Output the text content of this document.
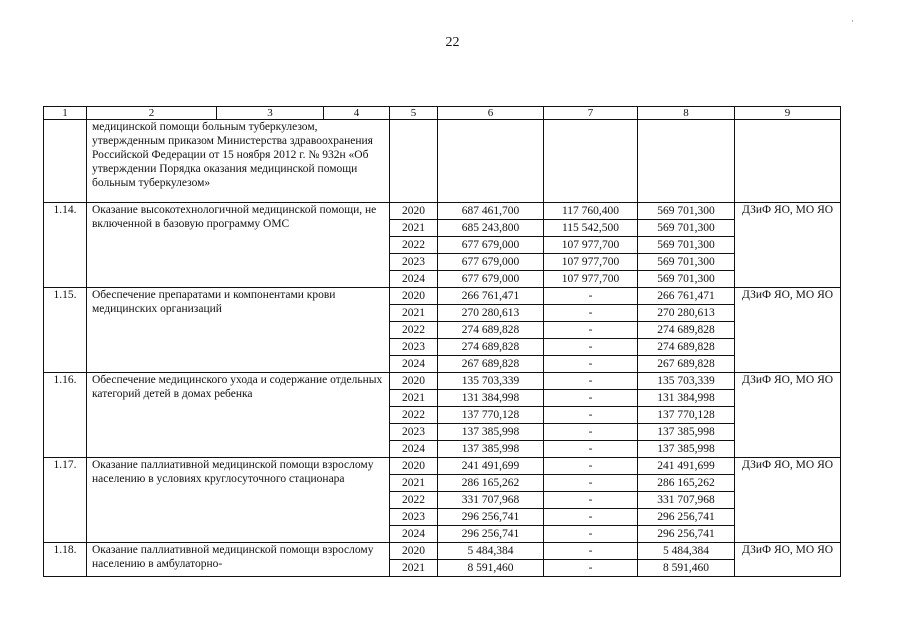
22
·
1	2	3	4	5	6	7	8	9
	медицинской помощи больным туберкулезом, утвержденным приказом Министерства здравоохранения Российской Федерации от 15 ноября 2012 г. № 932н «Об утверждении Порядка оказания медицинской помощи больным туберкулезом»							
1.14.	Оказание высокотехнологичной медицинской помощи, не включенной в базовую программу ОМС			2020	687 461,700	117 760,400	569 701,300	ДЗиФ ЯО, МО ЯО
				2021	685 243,800	115 542,500	569 701,300	
				2022	677 679,000	107 977,700	569 701,300	
				2023	677 679,000	107 977,700	569 701,300	
				2024	677 679,000	107 977,700	569 701,300	
1.15.	Обеспечение препаратами и компонентами крови медицинских организаций			2020	266 761,471	-	266 761,471	ДЗиФ ЯО, МО ЯО
				2021	270 280,613	-	270 280,613	
				2022	274 689,828	-	274 689,828	
				2023	274 689,828	-	274 689,828	
				2024	267 689,828	-	267 689,828	
1.16.	Обеспечение медицинского ухода и содержание отдельных категорий детей в домах ребенка			2020	135 703,339	-	135 703,339	ДЗиФ ЯО, МО ЯО
				2021	131 384,998	-	131 384,998	
				2022	137 770,128	-	137 770,128	
				2023	137 385,998	-	137 385,998	
				2024	137 385,998	-	137 385,998	
1.17.	Оказание паллиативной медицинской помощи взрослому населению в условиях круглосуточного стационара			2020	241 491,699	-	241 491,699	ДЗиФ ЯО, МО ЯО
				2021	286 165,262	-	286 165,262	
				2022	331 707,968	-	331 707,968	
				2023	296 256,741	-	296 256,741	
				2024	296 256,741	-	296 256,741	
1.18.	Оказание паллиативной медицинской помощи взрослому населению в амбулаторно-			2020	5 484,384	-	5 484,384	ДЗиФ ЯО, МО ЯО
				2021	8 591,460	-	8 591,460	
